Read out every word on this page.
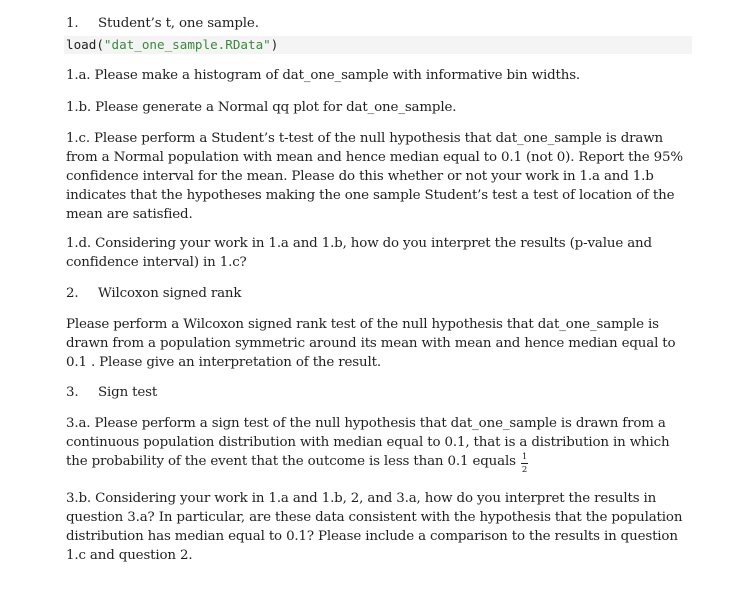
1. Student’s t, one sample.
load("dat_one_sample.RData")
1.a. Please make a histogram of dat_one_sample with informative bin widths.
1.b. Please generate a Normal qq plot for dat_one_sample.
1.c. Please perform a Student’s t-test of the null hypothesis that dat_one_sample is drawn from a Normal population with mean and hence median equal to 0.1 (not 0). Report the 95% confidence interval for the mean. Please do this whether or not your work in 1.a and 1.b indicates that the hypotheses making the one sample Student’s test a test of location of the mean are satisfied.
1.d. Considering your work in 1.a and 1.b, how do you interpret the results (p-value and confidence interval) in 1.c?
2. Wilcoxon signed rank
Please perform a Wilcoxon signed rank test of the null hypothesis that dat_one_sample is drawn from a population symmetric around its mean with mean and hence median equal to 0.1 . Please give an interpretation of the result.
3. Sign test
3.a. Please perform a sign test of the null hypothesis that dat_one_sample is drawn from a continuous population distribution with median equal to 0.1, that is a distribution in which the probability of the event that the outcome is less than 0.1 equals $\frac{1}{2}$
3.b. Considering your work in 1.a and 1.b, 2, and 3.a, how do you interpret the results in question 3.a? In particular, are these data consistent with the hypothesis that the population distribution has median equal to 0.1? Please include a comparison to the results in question 1.c and question 2.
